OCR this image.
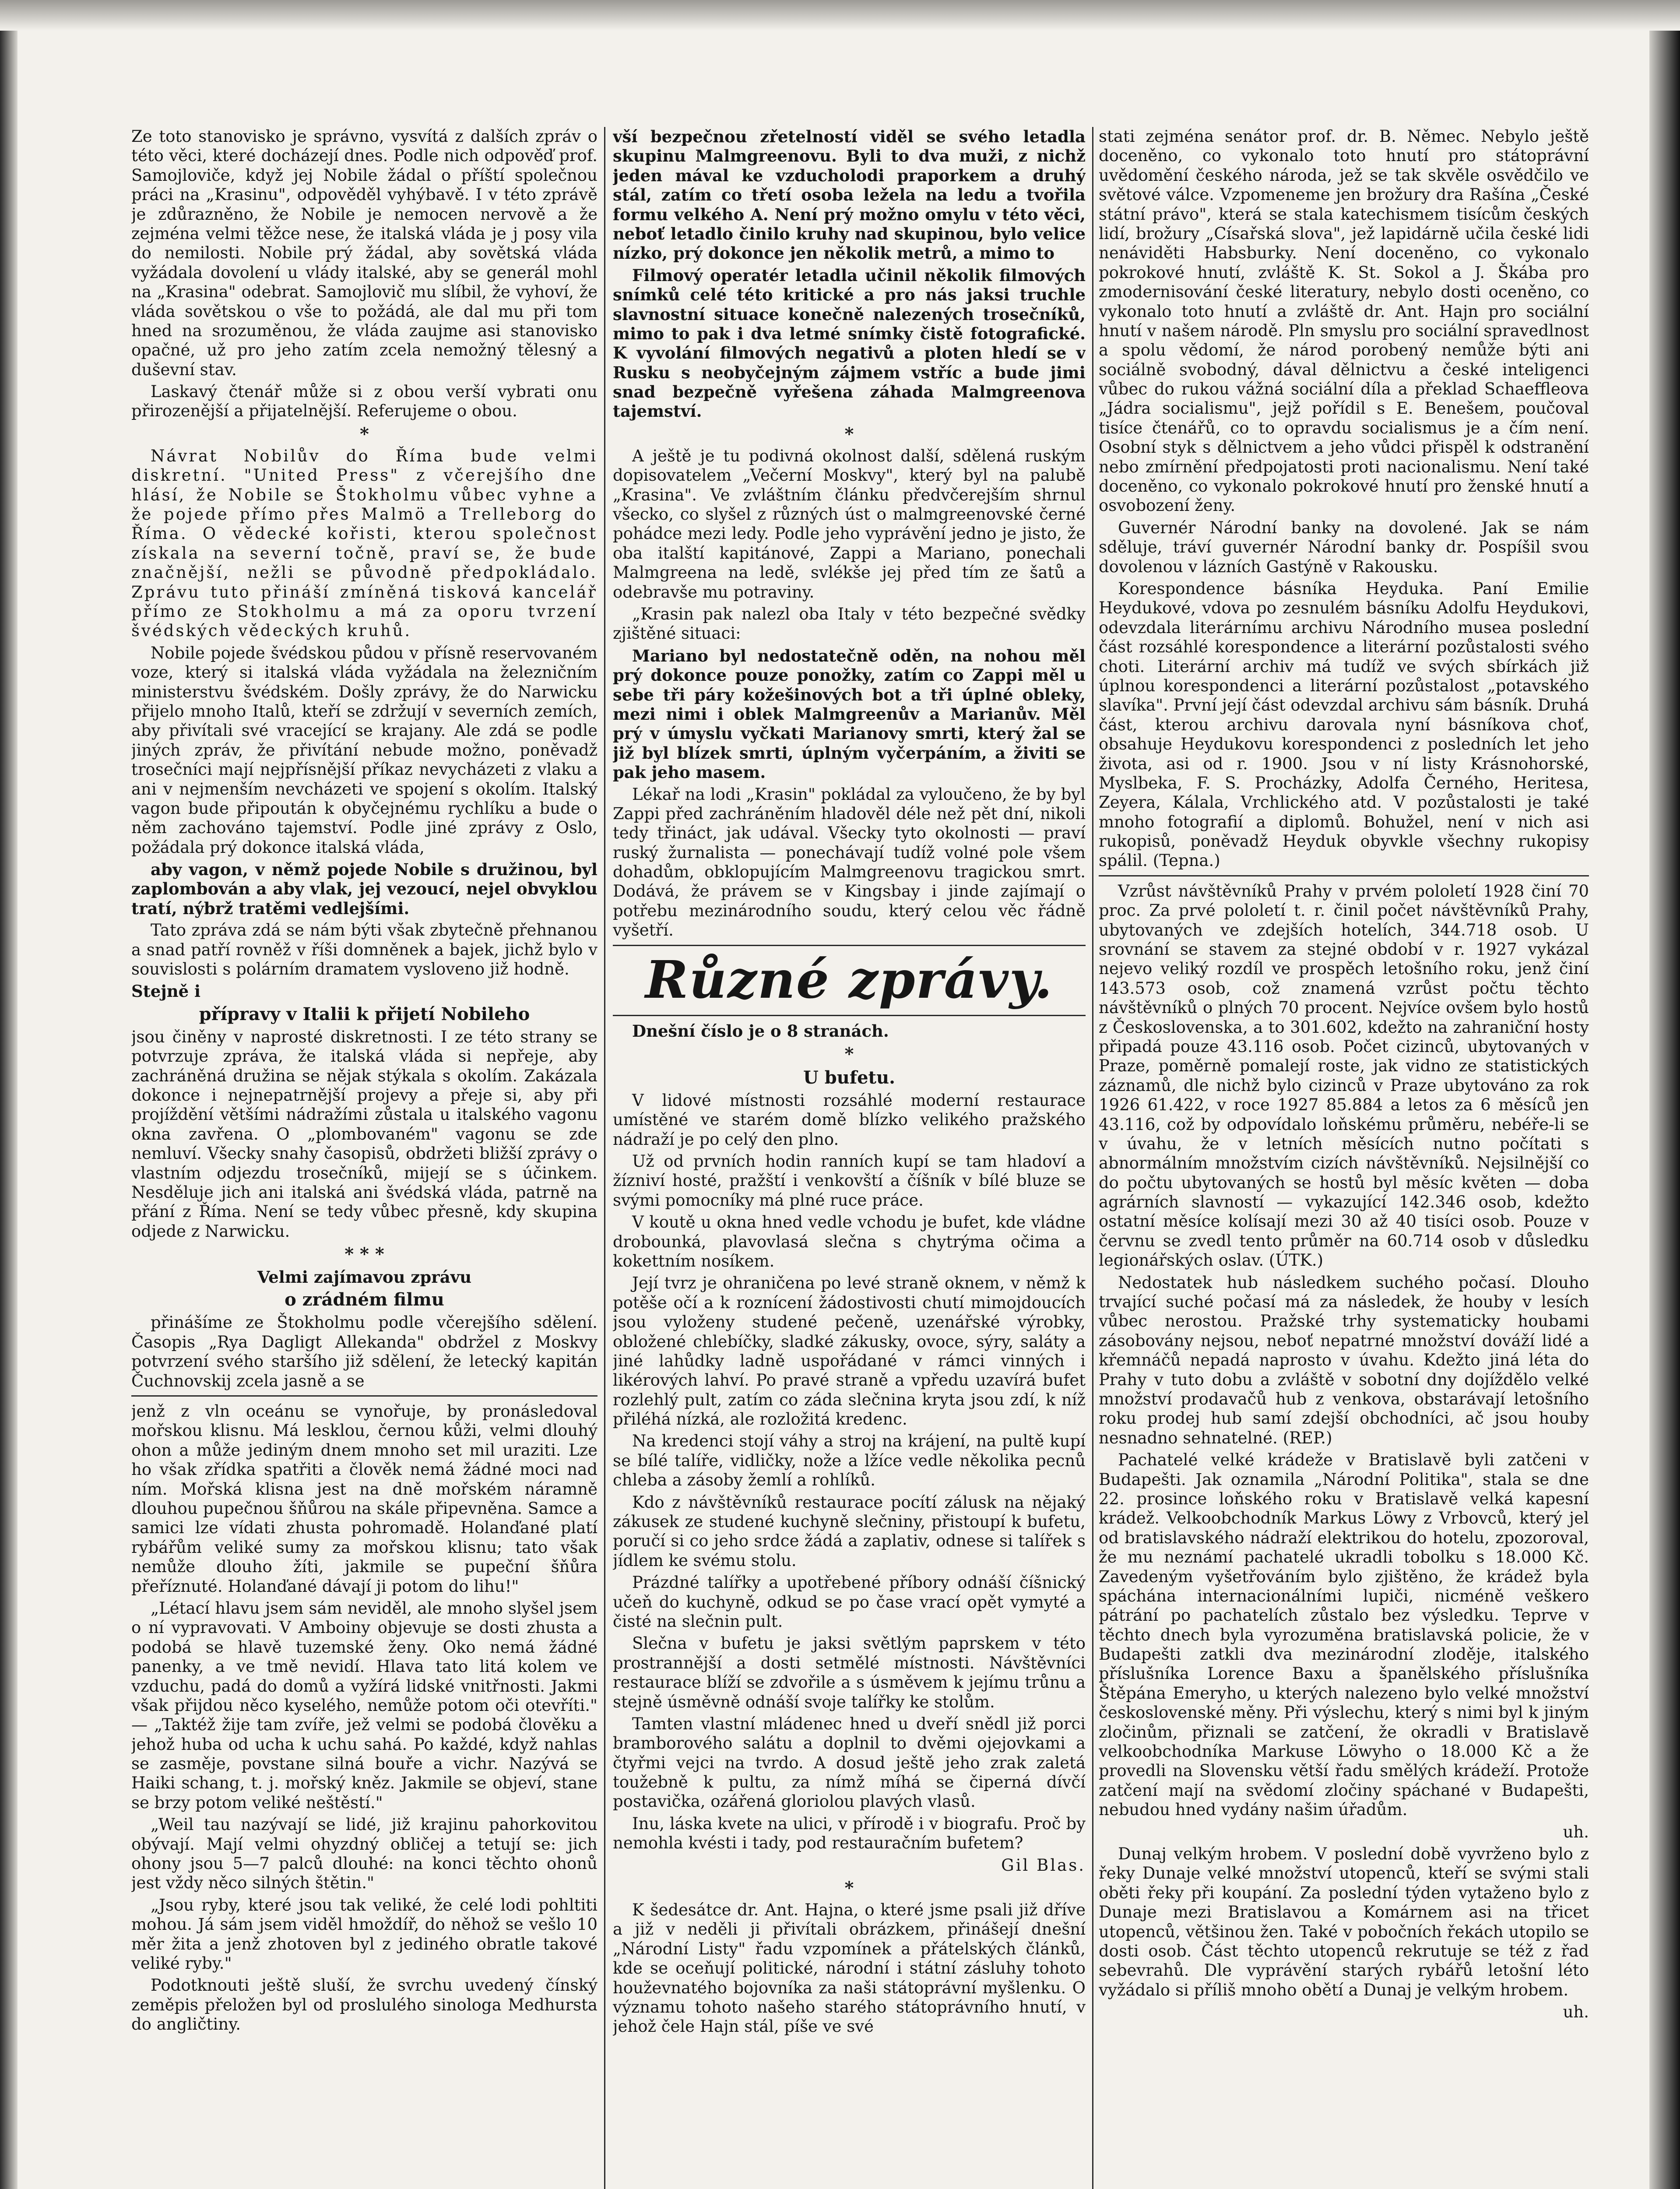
Ze toto stanovisko je správno, vysvítá z dalších zpráv o této věci, které docházejí dnes. Podle nich odpověď prof. Samojloviče, když jej Nobile žádal o příští společnou práci na „Krasinu", odpověděl vyhýbavě. I v této zprávě je zdůrazněno, že Nobile je nemocen nervově a že zejména velmi těžce nese, že italská vláda je j posy vila do nemilosti. Nobile prý žádal, aby sovětská vláda vyžádala dovolení u vlády italské, aby se generál mohl na „Krasina" odebrat. Samojlovič mu slíbil, že vyhoví, že vláda sovětskou o vše to požádá, ale dal mu při tom hned na srozuměnou, že vláda zaujme asi stanovisko opačné, už pro jeho zatím zcela nemožný tělesný a duševní stav.

Laskavý čtenář může si z obou verší vybrati onu přirozenější a přijatelnější. Referujeme o obou.

*

Návrat Nobilův do Říma bude velmi diskretní. "United Press" z včerejšího dne hlásí, že Nobile se Štokholmu vůbec vyhne a že pojede přímo přes Malmö a Trelleborg do Říma. O vědecké kořisti, kterou společnost získala na severní točně, praví se, že bude značnější, nežli se původně předpokládalo. Zprávu tuto přináší zmíněná tisková kancelář přímo ze Stokholmu a má za oporu tvrzení švédských vědeckých kruhů.

Nobile pojede švédskou půdou v přísně reservovaném voze, který si italská vláda vyžádala na železničním ministerstvu švédském. Došly zprávy, že do Narwicku přijelo mnoho Italů, kteří se zdržují v severních zemích, aby přivítali své vracející se krajany. Ale zdá se podle jiných zpráv, že přivítání nebude možno, poněvadž trosečníci mají nejpřísnější příkaz nevycházeti z vlaku a ani v nejmenším nevcházeti ve spojení s okolím. Italský vagon bude připoután k obyčejnému rychlíku a bude o něm zachováno tajemství. Podle jiné zprávy z Oslo, požádala prý dokonce italská vláda,

aby vagon, v němž pojede Nobile s družinou, byl zaplombován a aby vlak, jej vezoucí, nejel obvyklou tratí, nýbrž tratěmi vedlejšími.

Tato zpráva zdá se nám býti však zbytečně přehnanou a snad patří rovněž v říši domněnek a bajek, jichž bylo v souvislosti s polárním dramatem vysloveno již hodně.

Stejně i

přípravy v Italii k přijetí Nobileho

jsou činěny v naprosté diskretnosti. I ze této strany se potvrzuje zpráva, že italská vláda si nepřeje, aby zachráněná družina se nějak stýkala s okolím. Zakázala dokonce i nejnepatrnější projevy a přeje si, aby při projíždění většími nádražími zůstala u italského vagonu okna zavřena. O „plombovaném" vagonu se zde nemluví. Všecky snahy časopisů, obdržeti bližší zprávy o vlastním odjezdu trosečníků, mijejí se s účinkem. Nesděluje jich ani italská ani švédská vláda, patrně na přání z Říma. Není se tedy vůbec přesně, kdy skupina odjede z Narwicku.

* * *
Velmi zajímavou zprávu
o zrádném filmu

přinášíme ze Štokholmu podle včerejšího sdělení. Časopis „Rya Dagligt Allekanda" obdržel z Moskvy potvrzení svého staršího již sdělení, že letecký kapitán Čuchnovskij zcela jasně a se

jenž z vln oceánu se vynořuje, by pronásledoval mořskou klisnu. Má lesklou, černou kůži, velmi dlouhý ohon a může jediným dnem mnoho set mil uraziti. Lze ho však zřídka spatřiti a člověk nemá žádné moci nad ním. Mořská klisna jest na dně mořském náramně dlouhou pupečnou šňůrou na skále připevněna. Samce a samici lze vídati zhusta pohromadě. Holanďané platí rybářům veliké sumy za mořskou klisnu; tato však nemůže dlouho žíti, jakmile se pupeční šňůra přeříznuté. Holanďané dávají ji potom do lihu!"

„Létací hlavu jsem sám neviděl, ale mnoho slyšel jsem o ní vypravovati. V Amboiny objevuje se dosti zhusta a podobá se hlavě tuzemské ženy. Oko nemá žádné panenky, a ve tmě nevidí. Hlava tato litá kolem ve vzduchu, padá do domů a vyžírá lidské vnitřnosti. Jakmi však přijdou něco kyselého, nemůže potom oči otevříti." — „Taktéž žije tam zvíře, jež velmi se podobá člověku a jehož huba od ucha k uchu sahá. Po každé, když nahlas se zasměje, povstane silná bouře a vichr. Nazývá se Haiki schang, t. j. mořský kněz. Jakmile se objeví, stane se brzy potom veliké neštěstí."

„Weil tau nazývají se lidé, již krajinu pahorkovitou obývají. Mají velmi ohyzdný obličej a tetují se: jich ohony jsou 5—7 palců dlouhé: na konci těchto ohonů jest vždy něco silných štětin."

„Jsou ryby, které jsou tak veliké, že celé lodi pohltiti mohou. Já sám jsem viděl hmoždíř, do něhož se vešlo 10 měr žita a jenž zhotoven byl z jediného obratle takové veliké ryby."

Podotknouti ještě sluší, že svrchu uvedený čínský zeměpis přeložen byl od proslulého sinologa Medhursta do angličtiny.

vší bezpečnou zřetelností viděl se svého letadla skupinu Malmgreenovu. Byli to dva muži, z nichž jeden mával ke vzducholodi praporkem a druhý stál, zatím co třetí osoba ležela na ledu a tvořila formu velkého A. Není prý možno omylu v této věci, neboť letadlo činilo kruhy nad skupinou, bylo velice nízko, prý dokonce jen několik metrů, a mimo to

Filmový operatér letadla učinil několik filmových snímků celé této kritické a pro nás jaksi truchle slavnostní situace konečně nalezených trosečníků, mimo to pak i dva letmé snímky čistě fotografické. K vyvolání filmových negativů a ploten hledí se v Rusku s neobyčejným zájmem vstříc a bude jimi snad bezpečně vyřešena záhada Malmgreenova tajemství.

*

A ještě je tu podivná okolnost další, sdělená ruským dopisovatelem „Večerní Moskvy", který byl na palubě „Krasina". Ve zvláštním článku předvčerejším shrnul všecko, co slyšel z různých úst o malmgreenovské černé pohádce mezi ledy. Podle jeho vyprávění jedno je jisto, že oba italští kapitánové, Zappi a Mariano, ponechali Malmgreena na ledě, svlékše jej před tím ze šatů a odebravše mu potraviny.

„Krasin pak nalezl oba Italy v této bezpečné svědky zjištěné situaci:

Mariano byl nedostatečně oděn, na nohou měl prý dokonce pouze ponožky, zatím co Zappi měl u sebe tři páry kožešinových bot a tři úplné obleky, mezi nimi i oblek Malmgreenův a Marianův. Měl prý v úmyslu vyčkati Marianovy smrti, který žal se již byl blízek smrti, úplným vyčerpáním, a živiti se pak jeho masem.

Lékař na lodi „Krasin" pokládal za vyloučeno, že by byl Zappi před zachráněním hladověl déle než pět dní, nikoli tedy třináct, jak udával. Všecky tyto okolnosti — praví ruský žurnalista — ponechávají tudíž volné pole všem dohadům, obklopujícím Malmgreenovu tragickou smrt. Dodává, že právem se v Kingsbay i jinde zajímají o potřebu mezinárodního soudu, který celou věc řádně vyšetří.

Různé zprávy.

Dnešní číslo je o 8 stranách.

*
U bufetu.

V lidové místnosti rozsáhlé moderní restaurace umístěné ve starém domě blízko velikého pražského nádraží je po celý den plno.

Už od prvních hodin ranních kupí se tam hladoví a žízniví hosté, pražští i venkovští a číšník v bílé bluze se svými pomocníky má plné ruce práce.

V koutě u okna hned vedle vchodu je bufet, kde vládne drobounká, plavovlasá slečna s chytrýma očima a kokettním nosíkem.

Její tvrz je ohraničena po levé straně oknem, v němž k potěše očí a k roznícení žádostivosti chutí mimojdoucích jsou vyloženy studené pečeně, uzenářské výrobky, obložené chlebíčky, sladké zákusky, ovoce, sýry, saláty a jiné lahůdky ladně uspořádané v rámci vinných i likérových lahví. Po pravé straně a vpředu uzavírá bufet rozlehlý pult, zatím co záda slečnina kryta jsou zdí, k níž přiléhá nízká, ale rozložitá kredenc.

Na kredenci stojí váhy a stroj na krájení, na pultě kupí se bílé talíře, vidličky, nože a lžíce vedle několika pecnů chleba a zásoby žemlí a rohlíků.

Kdo z návštěvníků restaurace pocítí zálusk na nějaký zákusek ze studené kuchyně slečniny, přistoupí k bufetu, poručí si co jeho srdce žádá a zaplativ, odnese si talířek s jídlem ke svému stolu.

Prázdné talířky a upotřebené příbory odnáší číšnický učeň do kuchyně, odkud se po čase vrací opět vymyté a čisté na slečnin pult.

Slečna v bufetu je jaksi světlým paprskem v této prostrannější a dosti setmělé místnosti. Návštěvníci restaurace blíží se zdvořile a s úsměvem k jejímu trůnu a stejně úsměvně odnáší svoje talířky ke stolům.

Tamten vlastní mládenec hned u dveří snědl již porci bramborového salátu a doplnil to dvěmi ojejovkami a čtyřmi vejci na tvrdo. A dosud ještě jeho zrak zaletá toužebně k pultu, za nímž míhá se čiperná dívčí postavička, ozářená gloriolou plavých vlasů.

Inu, láska kvete na ulici, v přírodě i v biografu. Proč by nemohla kvésti i tady, pod restauračním bufetem?

Gil Blas.

*

K šedesátce dr. Ant. Hajna, o které jsme psali již dříve a již v neděli ji přivítali obrázkem, přinášejí dnešní „Národní Listy" řadu vzpomínek a přátelských článků, kde se oceňují politické, národní i státní zásluhy tohoto houževnatého bojovníka za naši státoprávní myšlenku. O významu tohoto našeho starého státoprávního hnutí, v jehož čele Hajn stál, píše ve své

stati zejména senátor prof. dr. B. Němec. Nebylo ještě doceněno, co vykonalo toto hnutí pro státoprávní uvědomění českého národa, jež se tak skvěle osvědčilo ve světové válce. Vzpomeneme jen brožury dra Rašína „České státní právo", která se stala katechismem tisícům českých lidí, brožury „Císařská slova", jež lapidárně učila české lidi nenáviděti Habsburky. Není doceněno, co vykonalo pokrokové hnutí, zvláště K. St. Sokol a J. Škába pro zmodernisování české literatury, nebylo dosti oceněno, co vykonalo toto hnutí a zvláště dr. Ant. Hajn pro sociální hnutí v našem národě. Pln smyslu pro sociální spravedlnost a spolu vědomí, že národ porobený nemůže býti ani sociálně svobodný, dával dělnictvu a české inteligenci vůbec do rukou vážná sociální díla a překlad Schaeffleova „Jádra socialismu", jejž pořídil s E. Benešem, poučoval tisíce čtenářů, co to opravdu socialismus je a čím není. Osobní styk s dělnictvem a jeho vůdci přispěl k odstranění nebo zmírnění předpojatosti proti nacionalismu. Není také doceněno, co vykonalo pokrokové hnutí pro ženské hnutí a osvobození ženy.

Guvernér Národní banky na dovolené. Jak se nám sděluje, tráví guvernér Národní banky dr. Pospíšil svou dovolenou v lázních Gastýně v Rakousku.

Korespondence básníka Heyduka. Paní Emilie Heydukové, vdova po zesnulém básníku Adolfu Heydukovi, odevzdala literárnímu archivu Národního musea poslední část rozsáhlé korespondence a literární pozůstalosti svého choti. Literární archiv má tudíž ve svých sbírkách již úplnou korespondenci a literární pozůstalost „potavského slavíka". První její část odevzdal archivu sám básník. Druhá část, kterou archivu darovala nyní básníkova choť, obsahuje Heydukovu korespondenci z posledních let jeho života, asi od r. 1900. Jsou v ní listy Krásnohorské, Myslbeka, F. S. Procházky, Adolfa Černého, Heritesa, Zeyera, Kálala, Vrchlického atd. V pozůstalosti je také mnoho fotografií a diplomů. Bohužel, není v nich asi rukopisů, poněvadž Heyduk obyvkle všechny rukopisy spálil. (Tepna.)

Vzrůst návštěvníků Prahy v prvém pololetí 1928 činí 70 proc. Za prvé pololetí t. r. činil počet návštěvníků Prahy, ubytovaných ve zdejších hotelích, 344.718 osob. U srovnání se stavem za stejné období v r. 1927 vykázal nejevo veliký rozdíl ve prospěch letošního roku, jenž činí 143.573 osob, což znamená vzrůst počtu těchto návštěvníků o plných 70 procent. Nejvíce ovšem bylo hostů z Československa, a to 301.602, kdežto na zahraniční hosty připadá pouze 43.116 osob. Počet cizinců, ubytovaných v Praze, poměrně pomalejí roste, jak vidno ze statistických záznamů, dle nichž bylo cizinců v Praze ubytováno za rok 1926 61.422, v roce 1927 85.884 a letos za 6 měsíců jen 43.116, což by odpovídalo loňskému průměru, nebéře-li se v úvahu, že v letních měsících nutno počítati s abnormálním množstvím cizích návštěvníků. Nejsilnější co do počtu ubytovaných se hostů byl měsíc květen — doba agrárních slavností — vykazující 142.346 osob, kdežto ostatní měsíce kolísají mezi 30 až 40 tisíci osob. Pouze v červnu se zvedl tento průměr na 60.714 osob v důsledku legionářských oslav. (ÚTK.)

Nedostatek hub následkem suchého počasí. Dlouho trvající suché počasí má za následek, že houby v lesích vůbec nerostou. Pražské trhy systematicky houbami zásobovány nejsou, neboť nepatrné množství dováží lidé a křemnáčů nepadá naprosto v úvahu. Kdežto jiná léta do Prahy v tuto dobu a zvláště v sobotní dny dojíždělo velké množství prodavačů hub z venkova, obstarávají letošního roku prodej hub samí zdejší obchodníci, ač jsou houby nesnadno sehnatelné. (REP.)

Pachatelé velké krádeže v Bratislavě byli zatčeni v Budapešti. Jak oznamila „Národní Politika", stala se dne 22. prosince loňského roku v Bratislavě velká kapesní krádež. Velkoobchodník Markus Löwy z Vrbovců, který jel od bratislavského nádraží elektrikou do hotelu, zpozoroval, že mu neznámí pachatelé ukradli tobolku s 18.000 Kč. Zavedeným vyšetřováním bylo zjištěno, že krádež byla spáchána internacionálními lupiči, nicméně veškero pátrání po pachatelích zůstalo bez výsledku. Teprve v těchto dnech byla vyrozuměna bratislavská policie, že v Budapešti zatkli dva mezinárodní zloděje, italského příslušníka Lorence Baxu a španělského příslušníka Štěpána Emeryho, u kterých nalezeno bylo velké množství československé měny. Při výslechu, který s nimi byl k jiným zločinům, přiznali se zatčení, že okradli v Bratislavě velkoobchodníka Markuse Löwyho o 18.000 Kč a že provedli na Slovensku větší řadu smělých krádeží. Protože zatčení mají na svědomí zločiny spáchané v Budapešti, nebudou hned vydány našim úřadům.

uh.

Dunaj velkým hrobem. V poslední době vyvrženo bylo z řeky Dunaje velké množství utopenců, kteří se svými stali oběti řeky při koupání. Za poslední týden vytaženo bylo z Dunaje mezi Bratislavou a Komárnem asi na třicet utopenců, většinou žen. Také v pobočních řekách utopilo se dosti osob. Část těchto utopenců rekrutuje se též z řad sebevrahů. Dle vyprávění starých rybářů letošní léto vyžádalo si příliš mnoho obětí a Dunaj je velkým hrobem.

uh.
